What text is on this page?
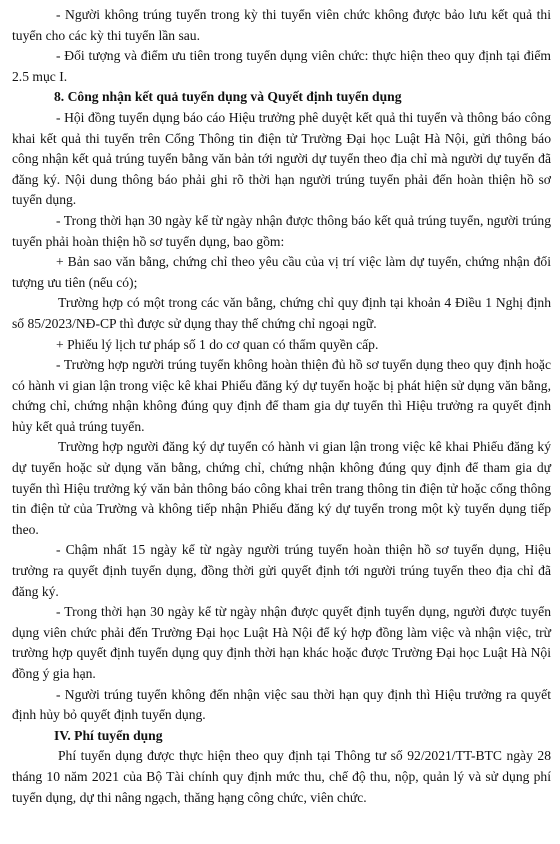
- Người không trúng tuyển trong kỳ thi tuyển viên chức không được bảo lưu kết quả thi tuyển cho các kỳ thi tuyển lần sau.

- Đối tượng và điểm ưu tiên trong tuyển dụng viên chức: thực hiện theo quy định tại điểm 2.5 mục I.

8. Công nhận kết quả tuyển dụng và Quyết định tuyển dụng

- Hội đồng tuyển dụng báo cáo Hiệu trưởng phê duyệt kết quả thi tuyển và thông báo công khai kết quả thi tuyển trên Cổng Thông tin điện tử Trường Đại học Luật Hà Nội, gửi thông báo công nhận kết quả trúng tuyển bằng văn bản tới người dự tuyển theo địa chỉ mà người dự tuyển đã đăng ký. Nội dung thông báo phải ghi rõ thời hạn người trúng tuyển phải đến hoàn thiện hồ sơ tuyển dụng.

- Trong thời hạn 30 ngày kể từ ngày nhận được thông báo kết quả trúng tuyển, người trúng tuyển phải hoàn thiện hồ sơ tuyển dụng, bao gồm:

+ Bản sao văn bằng, chứng chỉ theo yêu cầu của vị trí việc làm dự tuyển, chứng nhận đối tượng ưu tiên (nếu có);

Trường hợp có một trong các văn bằng, chứng chỉ quy định tại khoản 4 Điều 1 Nghị định số 85/2023/NĐ-CP thì được sử dụng thay thế chứng chỉ ngoại ngữ.

+ Phiếu lý lịch tư pháp số 1 do cơ quan có thẩm quyền cấp.

- Trường hợp người trúng tuyển không hoàn thiện đủ hồ sơ tuyển dụng theo quy định hoặc có hành vi gian lận trong việc kê khai Phiếu đăng ký dự tuyển hoặc bị phát hiện sử dụng văn bằng, chứng chỉ, chứng nhận không đúng quy định để tham gia dự tuyển thì Hiệu trưởng ra quyết định hủy kết quả trúng tuyển.

Trường hợp người đăng ký dự tuyển có hành vi gian lận trong việc kê khai Phiếu đăng ký dự tuyển hoặc sử dụng văn bằng, chứng chỉ, chứng nhận không đúng quy định để tham gia dự tuyển thì Hiệu trưởng ký văn bản thông báo công khai trên trang thông tin điện tử hoặc cổng thông tin điện tử của Trường và không tiếp nhận Phiếu đăng ký dự tuyển trong một kỳ tuyển dụng tiếp theo.

- Chậm nhất 15 ngày kể từ ngày người trúng tuyển hoàn thiện hồ sơ tuyển dụng, Hiệu trưởng ra quyết định tuyển dụng, đồng thời gửi quyết định tới người trúng tuyển theo địa chỉ đã đăng ký.

- Trong thời hạn 30 ngày kể từ ngày nhận được quyết định tuyển dụng, người được tuyển dụng viên chức phải đến Trường Đại học Luật Hà Nội để ký hợp đồng làm việc và nhận việc, trừ trường hợp quyết định tuyển dụng quy định thời hạn khác hoặc được Trường Đại học Luật Hà Nội đồng ý gia hạn.

- Người trúng tuyển không đến nhận việc sau thời hạn quy định thì Hiệu trưởng ra quyết định hủy bỏ quyết định tuyển dụng.

IV. Phí tuyển dụng

Phí tuyển dụng được thực hiện theo quy định tại Thông tư số 92/2021/TT-BTC ngày 28 tháng 10 năm 2021 của Bộ Tài chính quy định mức thu, chế độ thu, nộp, quản lý và sử dụng phí tuyển dụng, dự thi nâng ngạch, thăng hạng công chức, viên chức.
